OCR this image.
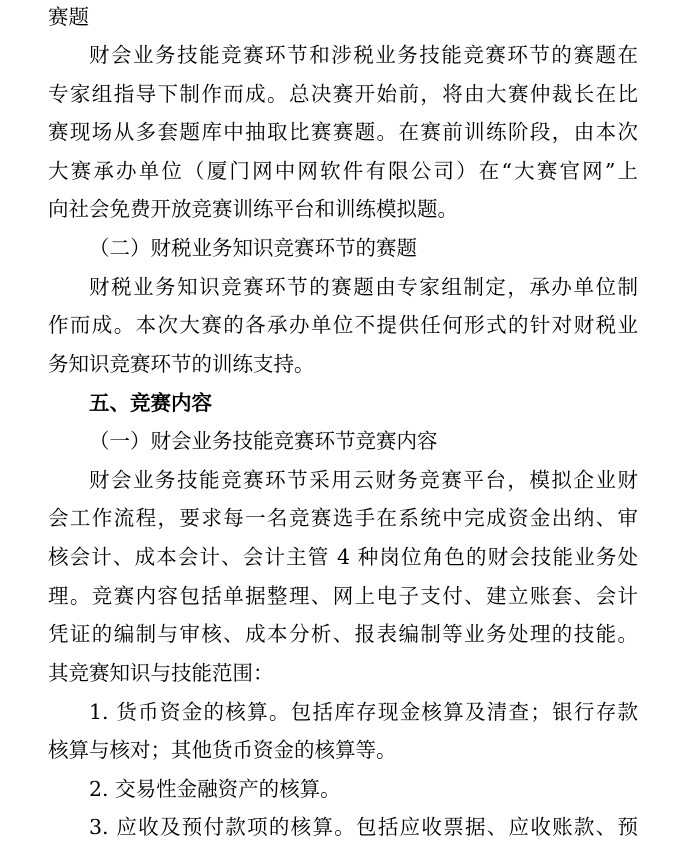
赛题
财会业务技能竞赛环节和涉税业务技能竞赛环节的赛题在
专家组指导下制作而成。总决赛开始前，将由大赛仲裁长在比
赛现场从多套题库中抽取比赛赛题。在赛前训练阶段，由本次
大赛承办单位（厦门网中网软件有限公司）在“大赛官网”上
向社会免费开放竞赛训练平台和训练模拟题。
（二）财税业务知识竞赛环节的赛题
财税业务知识竞赛环节的赛题由专家组制定，承办单位制
作而成。本次大赛的各承办单位不提供任何形式的针对财税业
务知识竞赛环节的训练支持。
五、竞赛内容
（一）财会业务技能竞赛环节竞赛内容
财会业务技能竞赛环节采用云财务竞赛平台，模拟企业财
会工作流程，要求每一名竞赛选手在系统中完成资金出纳、审
核会计、成本会计、会计主管 4 种岗位角色的财会技能业务处
理。竞赛内容包括单据整理、网上电子支付、建立账套、会计
凭证的编制与审核、成本分析、报表编制等业务处理的技能。
其竞赛知识与技能范围：
1. 货币资金的核算。包括库存现金核算及清查；银行存款
核算与核对；其他货币资金的核算等。
2. 交易性金融资产的核算。
3. 应收及预付款项的核算。包括应收票据、应收账款、预
